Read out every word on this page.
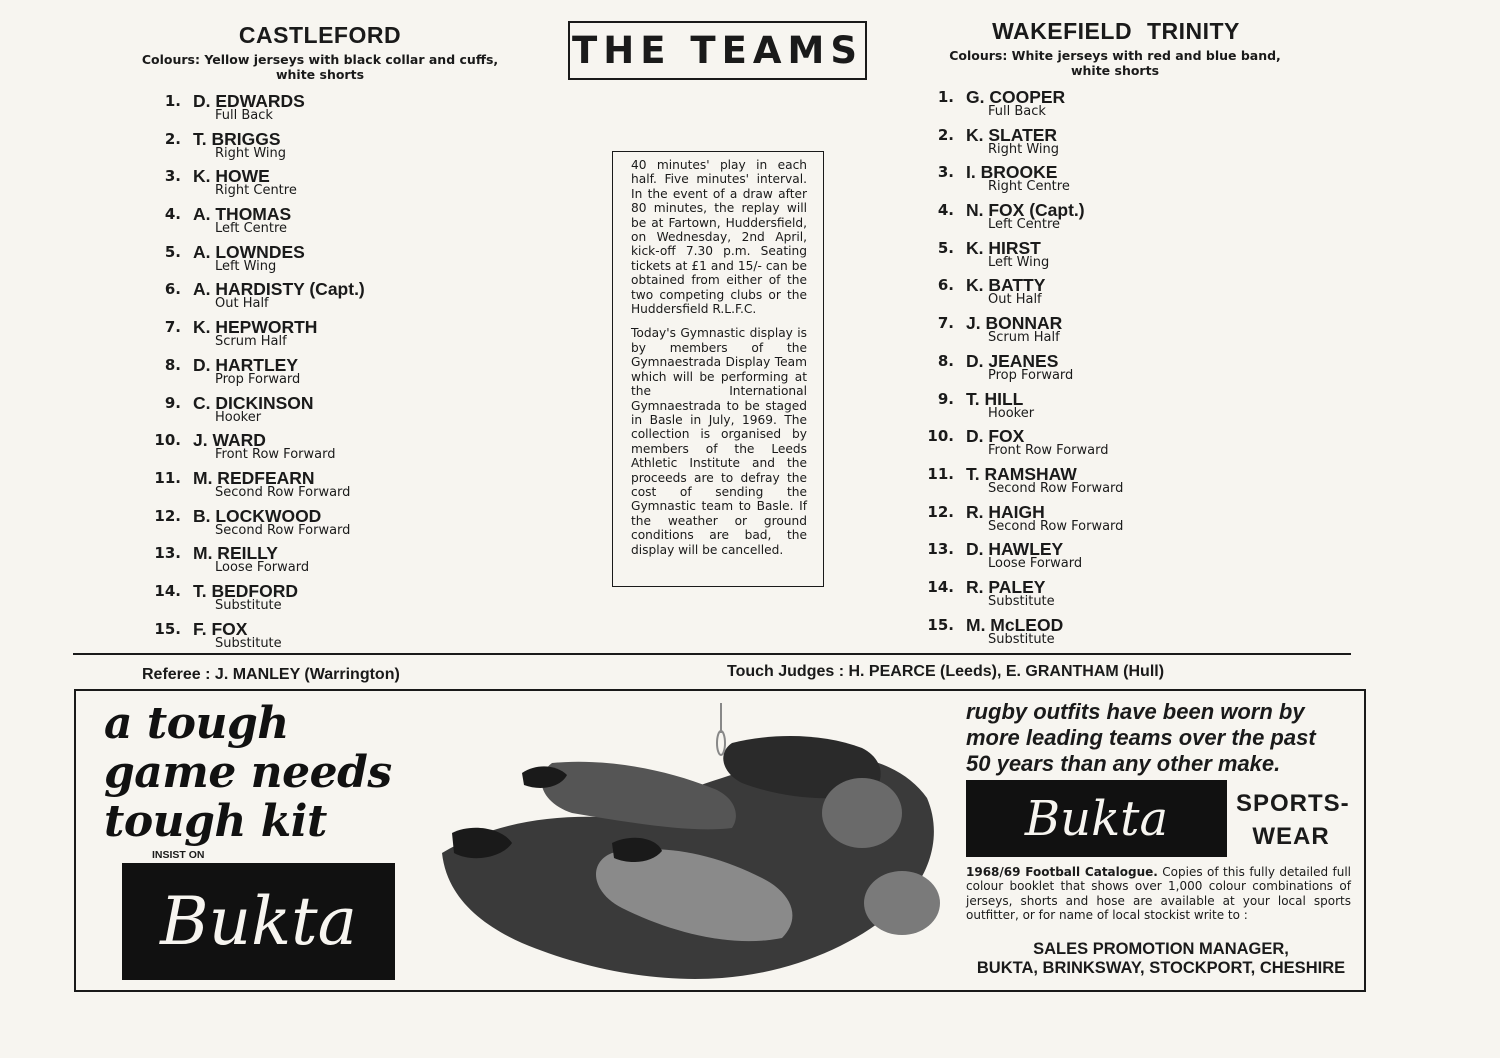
CASTLEFORD
Colours: Yellow jerseys with black collar and cuffs,
white shorts
1. D. EDWARDS
Full Back
2. T. BRIGGS
Right Wing
3. K. HOWE
Right Centre
4. A. THOMAS
Left Centre
5. A. LOWNDES
Left Wing
6. A. HARDISTY (Capt.)
Out Half
7. K. HEPWORTH
Scrum Half
8. D. HARTLEY
Prop Forward
9. C. DICKINSON
Hooker
10. J. WARD
Front Row Forward
11. M. REDFEARN
Second Row Forward
12. B. LOCKWOOD
Second Row Forward
13. M. REILLY
Loose Forward
14. T. BEDFORD
Substitute
15. F. FOX
Substitute
THE TEAMS

40 minutes' play in each half. Five minutes' interval. In the event of a draw after 80 minutes, the replay will be at Fartown, Huddersfield, on Wednesday, 2nd April, kick-off 7.30 p.m. Seating tickets at £1 and 15/- can be obtained from either of the two competing clubs or the Huddersfield R.L.F.C.

Today's Gymnastic display is by members of the Gymnaestrada Display Team which will be performing at the International Gymnaestrada to be staged in Basle in July, 1969. The collection is organised by members of the Leeds Athletic Institute and the proceeds are to defray the cost of sending the Gymnastic team to Basle. If the weather or ground conditions are bad, the display will be cancelled.

WAKEFIELD TRINITY
Colours: White jerseys with red and blue band,
white shorts
1. G. COOPER
Full Back
2. K. SLATER
Right Wing
3. I. BROOKE
Right Centre
4. N. FOX (Capt.)
Left Centre
5. K. HIRST
Left Wing
6. K. BATTY
Out Half
7. J. BONNAR
Scrum Half
8. D. JEANES
Prop Forward
9. T. HILL
Hooker
10. D. FOX
Front Row Forward
11. T. RAMSHAW
Second Row Forward
12. R. HAIGH
Second Row Forward
13. D. HAWLEY
Loose Forward
14. R. PALEY
Substitute
15. M. McLEOD
Substitute
Referee : J. MANLEY (Warrington)	Touch Judges : H. PEARCE (Leeds), E. GRANTHAM (Hull)
a tough
game needs
tough kit
INSIST ON
Bukta
rugby outfits have been worn by
more leading teams over the past
50 years than any other make.
Bukta	SPORTS-
WEAR
1968/69 Football Catalogue. Copies of this fully detailed full colour booklet that shows over 1,000 colour combinations of jerseys, shorts and hose are available at your local sports outfitter, or for name of local stockist write to :
SALES PROMOTION MANAGER,
BUKTA, BRINKSWAY, STOCKPORT, CHESHIRE
